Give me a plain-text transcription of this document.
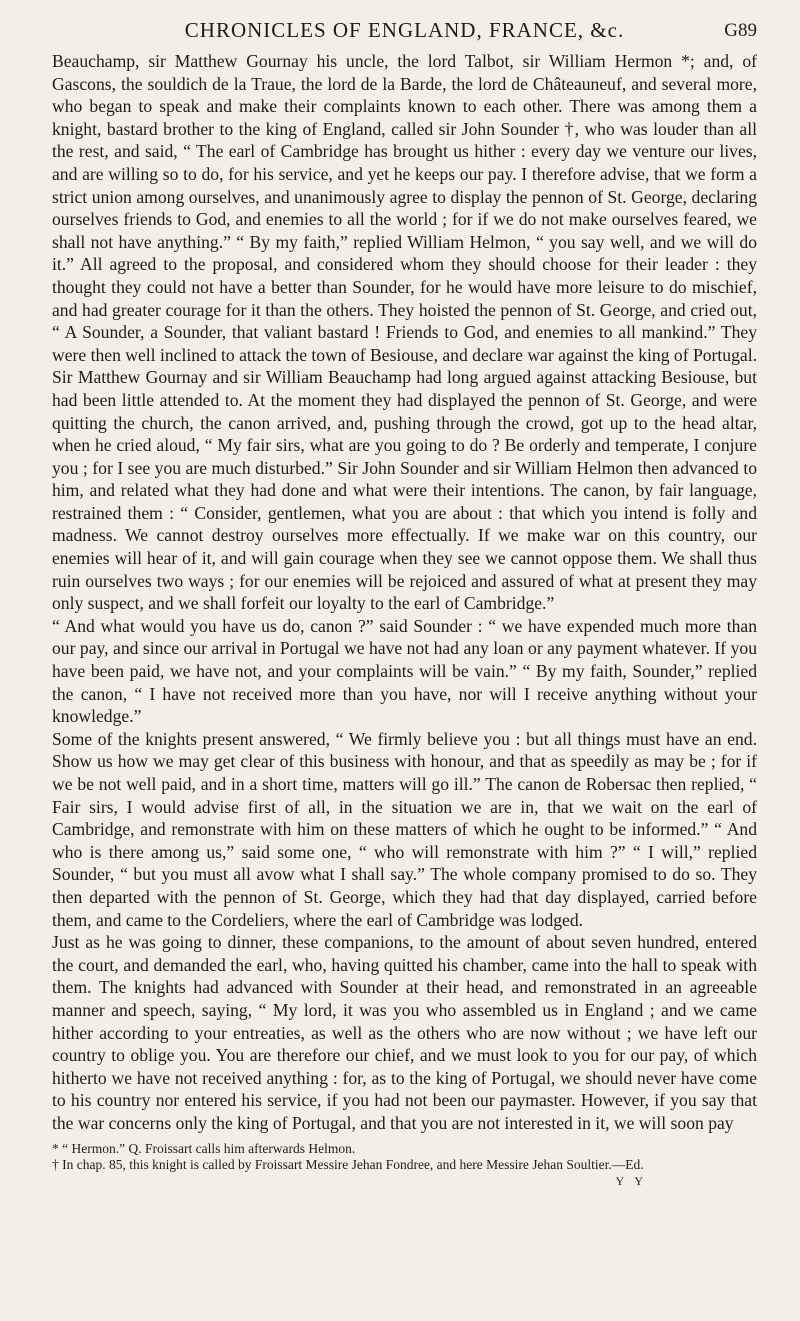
CHRONICLES OF ENGLAND, FRANCE, &c.	G89

Beauchamp, sir Matthew Gournay his uncle, the lord Talbot, sir William Hermon *; and, of Gascons, the souldich de la Traue, the lord de la Barde, the lord de Châteauneuf, and several more, who began to speak and make their complaints known to each other. There was among them a knight, bastard brother to the king of England, called sir John Sounder †, who was louder than all the rest, and said, “ The earl of Cambridge has brought us hither : every day we venture our lives, and are willing so to do, for his service, and yet he keeps our pay. I therefore advise, that we form a strict union among ourselves, and unanimously agree to display the pennon of St. George, declaring ourselves friends to God, and enemies to all the world ; for if we do not make ourselves feared, we shall not have anything.” “ By my faith,” replied William Helmon, “ you say well, and we will do it.” All agreed to the proposal, and considered whom they should choose for their leader : they thought they could not have a better than Sounder, for he would have more leisure to do mischief, and had greater courage for it than the others. They hoisted the pennon of St. George, and cried out, “ A Sounder, a Sounder, that valiant bastard ! Friends to God, and enemies to all mankind.” They were then well inclined to attack the town of Besiouse, and declare war against the king of Portugal.

Sir Matthew Gournay and sir William Beauchamp had long argued against attacking Besiouse, but had been little attended to. At the moment they had displayed the pennon of St. George, and were quitting the church, the canon arrived, and, pushing through the crowd, got up to the head altar, when he cried aloud, “ My fair sirs, what are you going to do ? Be orderly and temperate, I conjure you ; for I see you are much disturbed.” Sir John Sounder and sir William Helmon then advanced to him, and related what they had done and what were their intentions. The canon, by fair language, restrained them : “ Consider, gentlemen, what you are about : that which you intend is folly and madness. We cannot destroy ourselves more effectually. If we make war on this country, our enemies will hear of it, and will gain courage when they see we cannot oppose them. We shall thus ruin ourselves two ways ; for our enemies will be rejoiced and assured of what at present they may only suspect, and we shall forfeit our loyalty to the earl of Cambridge.”

“ And what would you have us do, canon ?” said Sounder : “ we have expended much more than our pay, and since our arrival in Portugal we have not had any loan or any payment whatever. If you have been paid, we have not, and your complaints will be vain.” “ By my faith, Sounder,” replied the canon, “ I have not received more than you have, nor will I receive anything without your knowledge.”

Some of the knights present answered, “ We firmly believe you : but all things must have an end. Show us how we may get clear of this business with honour, and that as speedily as may be ; for if we be not well paid, and in a short time, matters will go ill.” The canon de Robersac then replied, “ Fair sirs, I would advise first of all, in the situation we are in, that we wait on the earl of Cambridge, and remonstrate with him on these matters of which he ought to be informed.” “ And who is there among us,” said some one, “ who will remonstrate with him ?” “ I will,” replied Sounder, “ but you must all avow what I shall say.” The whole company promised to do so. They then departed with the pennon of St. George, which they had that day displayed, carried before them, and came to the Cordeliers, where the earl of Cambridge was lodged.

Just as he was going to dinner, these companions, to the amount of about seven hundred, entered the court, and demanded the earl, who, having quitted his chamber, came into the hall to speak with them. The knights had advanced with Sounder at their head, and remonstrated in an agreeable manner and speech, saying, “ My lord, it was you who assembled us in England ; and we came hither according to your entreaties, as well as the others who are now without ; we have left our country to oblige you. You are therefore our chief, and we must look to you for our pay, of which hitherto we have not received anything : for, as to the king of Portugal, we should never have come to his country nor entered his service, if you had not been our paymaster. However, if you say that the war concerns only the king of Portugal, and that you are not interested in it, we will soon pay

* “ Hermon.” Q. Froissart calls him afterwards Helmon.

† In chap. 85, this knight is called by Froissart Messire Jehan Fondree, and here Messire Jehan Soultier.—Ed.

Y Y
